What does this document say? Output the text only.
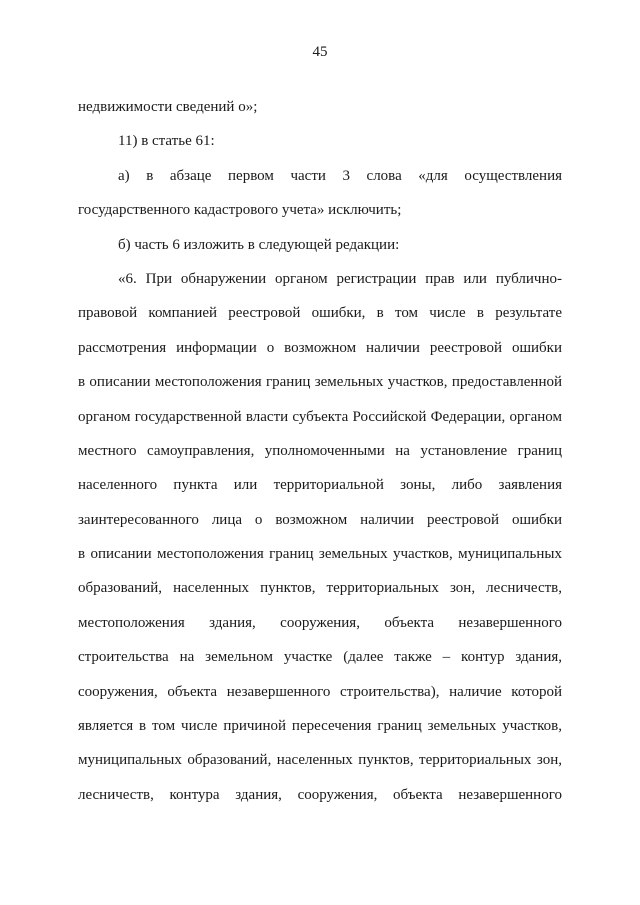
45
недвижимости сведений о»;
11) в статье 61:
а) в абзаце первом части 3 слова «для осуществления
государственного кадастрового учета» исключить;
б) часть 6 изложить в следующей редакции:
«6. При обнаружении органом регистрации прав или публично-
правовой компанией реестровой ошибки, в том числе в результате
рассмотрения информации о возможном наличии реестровой ошибки
в описании местоположения границ земельных участков, предоставленной
органом государственной власти субъекта Российской Федерации, органом
местного самоуправления, уполномоченными на установление границ
населенного пункта или территориальной зоны, либо заявления
заинтересованного лица о возможном наличии реестровой ошибки
в описании местоположения границ земельных участков, муниципальных
образований, населенных пунктов, территориальных зон, лесничеств,
местоположения здания, сооружения, объекта незавершенного
строительства на земельном участке (далее также – контур здания,
сооружения, объекта незавершенного строительства), наличие которой
является в том числе причиной пересечения границ земельных участков,
муниципальных образований, населенных пунктов, территориальных зон,
лесничеств, контура здания, сооружения, объекта незавершенного
